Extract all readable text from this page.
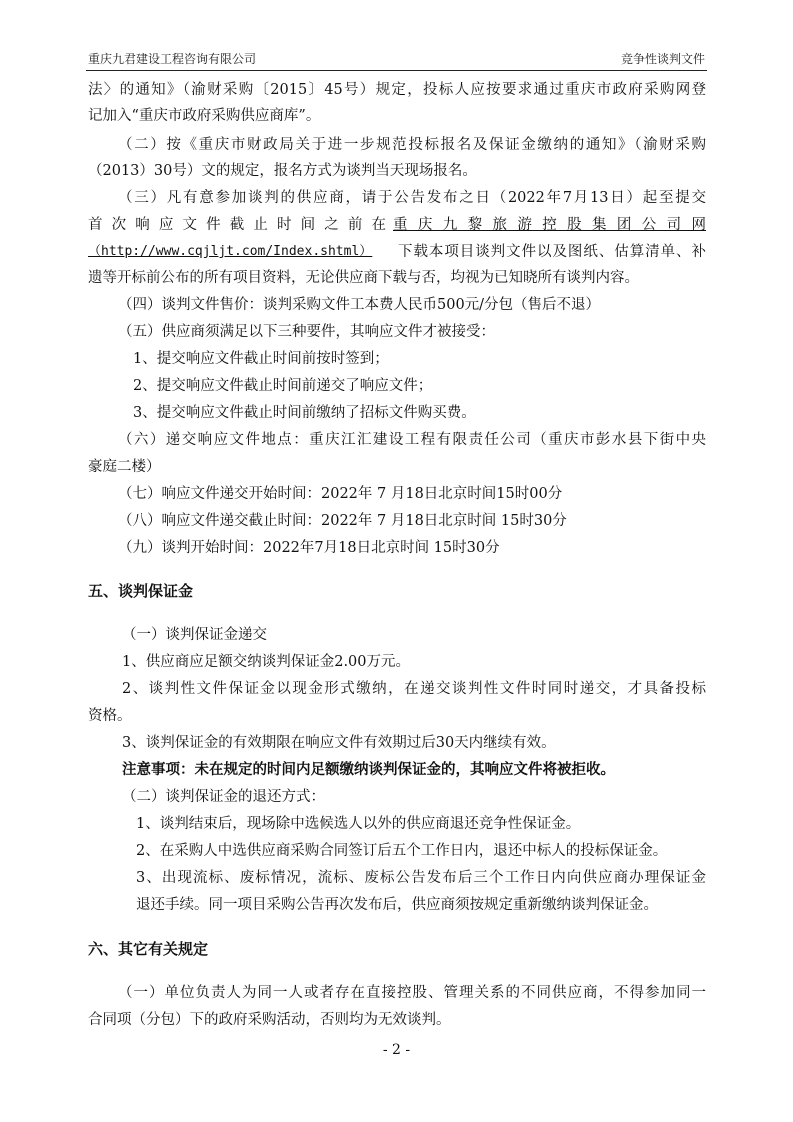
重庆九君建设工程咨询有限公司	竞争性谈判文件
法〉的通知》（渝财采购〔2015〕45号）规定，投标人应按要求通过重庆市政府采购网登
记加入“重庆市政府采购供应商库”。
（二）按《重庆市财政局关于进一步规范投标报名及保证金缴纳的通知》（渝财采购
（2013）30号）文的规定，报名方式为谈判当天现场报名。
（三）凡有意参加谈判的供应商，请于公告发布之日（2022年7月13日）起至提交
首次响应文件截止时间之前在 重庆九黎旅游控股集团公司网
（http://www.cqjljt.com/Index.shtml） 下载本项目谈判文件以及图纸、估算清单、补
遗等开标前公布的所有项目资料，无论供应商下载与否，均视为已知晓所有谈判内容。
（四）谈判文件售价：谈判采购文件工本费人民币500元/分包（售后不退）
（五）供应商须满足以下三种要件，其响应文件才被接受：
1、提交响应文件截止时间前按时签到；
2、提交响应文件截止时间前递交了响应文件；
3、提交响应文件截止时间前缴纳了招标文件购买费。
（六）递交响应文件地点：重庆江汇建设工程有限责任公司（重庆市彭水县下街中央
豪庭二楼）
（七）响应文件递交开始时间：2022年 7 月18日北京时间15时00分
（八）响应文件递交截止时间：2022年 7 月18日北京时间 15时30分
（九）谈判开始时间：2022年7月18日北京时间 15时30分
五、谈判保证金
（一）谈判保证金递交
1、供应商应足额交纳谈判保证金2.00万元。
2、谈判性文件保证金以现金形式缴纳，在递交谈判性文件时同时递交，才具备投标
资格。
3、谈判保证金的有效期限在响应文件有效期过后30天内继续有效。
注意事项：未在规定的时间内足额缴纳谈判保证金的，其响应文件将被拒收。
（二）谈判保证金的退还方式：
1、谈判结束后，现场除中选候选人以外的供应商退还竞争性保证金。
2、在采购人中选供应商采购合同签订后五个工作日内，退还中标人的投标保证金。
3、出现流标、废标情况，流标、废标公告发布后三个工作日内向供应商办理保证金
退还手续。同一项目采购公告再次发布后，供应商须按规定重新缴纳谈判保证金。
六、其它有关规定
（一）单位负责人为同一人或者存在直接控股、管理关系的不同供应商，不得参加同一
合同项（分包）下的政府采购活动，否则均为无效谈判。
- 2 -
